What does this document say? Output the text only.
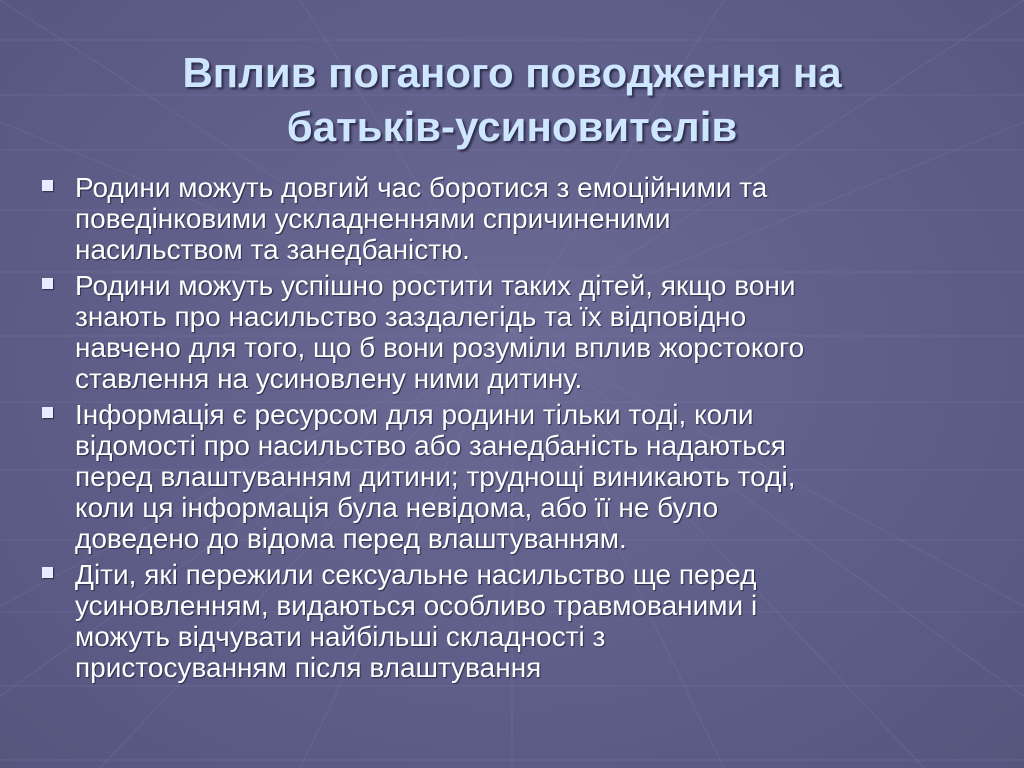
Вплив поганого поводження на
батьків-усиновителів
Родини можуть довгий час боротися з емоційними та
поведінковими ускладненнями спричиненими
насильством та занедбаністю.
Родини можуть успішно ростити таких дітей, якщо вони
знають про насильство заздалегідь та їх відповідно
навчено для того, що б вони розуміли вплив жорстокого
ставлення на усиновлену ними дитину.
Інформація є ресурсом для родини тільки тоді, коли
відомості про насильство або занедбаність надаються
перед влаштуванням дитини; труднощі виникають тоді,
коли ця інформація була невідома, або її не було
доведено до відома перед влаштуванням.
Діти, які пережили сексуальне насильство ще перед
усиновленням, видаються особливо травмованими і
можуть відчувати найбільші складності з
пристосуванням після влаштування
